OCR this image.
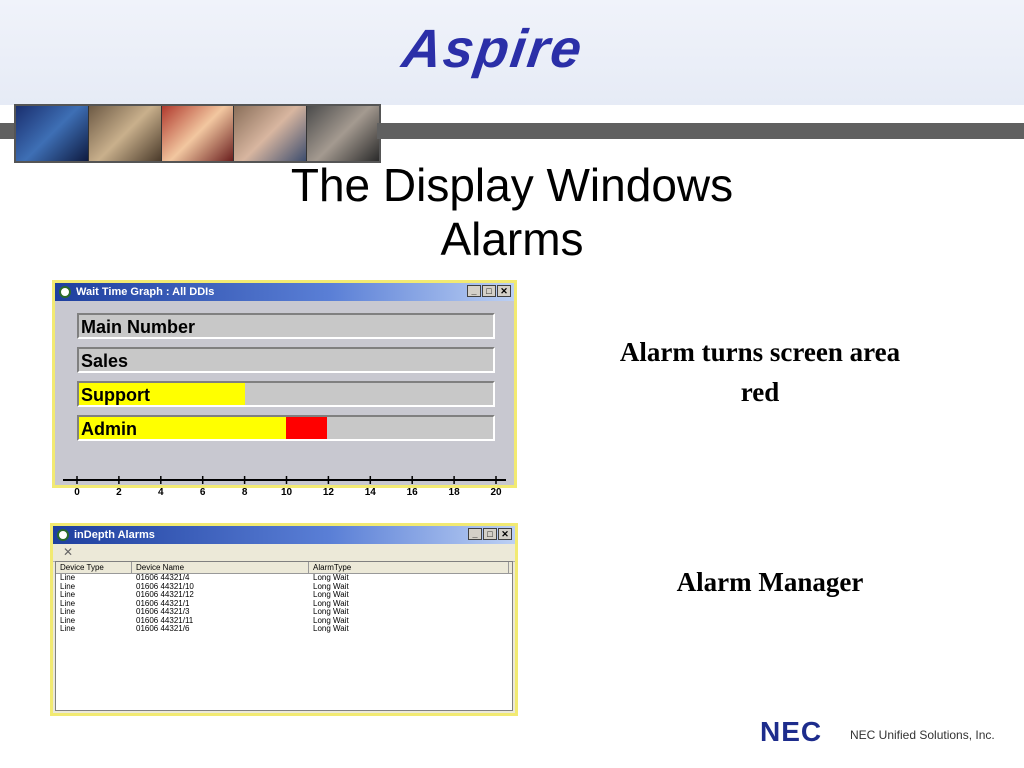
Aspire
The Display Windows
Alarms
Wait Time Graph : All DDIs	_	□ ✕
Main Number
Sales
Support
Admin
0	2	4	6	8	10	12	14	16	18	20
inDepth Alarms	_	□ ✕
✕
Device Type	Device Name	AlarmType
Line	01606 44321/4	Long Wait
Line	01606 44321/10	Long Wait
Line	01606 44321/12	Long Wait
Line	01606 44321/1	Long Wait
Line	01606 44321/3	Long Wait
Line	01606 44321/11	Long Wait
Line	01606 44321/6	Long Wait
Alarm turns screen area
red
Alarm Manager
NEC NEC Unified Solutions, Inc.
